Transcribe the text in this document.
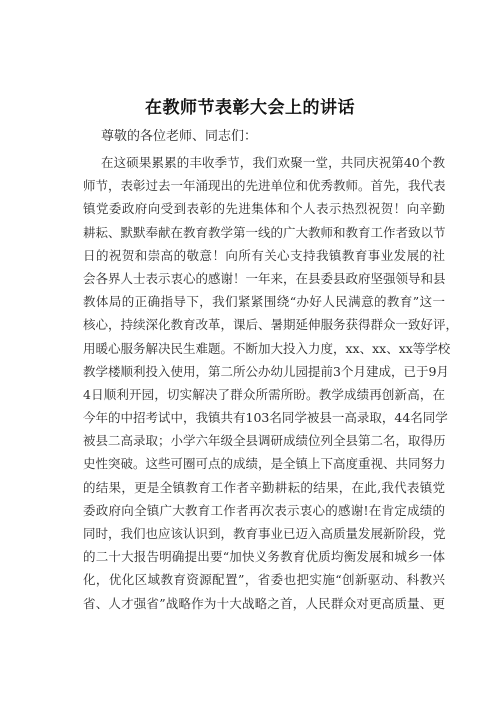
在教师节表彰大会上的讲话

尊敬的各位老师、同志们：

在这硕果累累的丰收季节，我们欢聚一堂，共同庆祝第40个教
师节，表彰过去一年涌现出的先进单位和优秀教师。首先，我代表
镇党委政府向受到表彰的先进集体和个人表示热烈祝贺！向辛勤
耕耘、默默奉献在教育教学第一线的广大教师和教育工作者致以节
日的祝贺和崇高的敬意！向所有关心支持我镇教育事业发展的社
会各界人士表示衷心的感谢！一年来，在县委县政府坚强领导和县
教体局的正确指导下，我们紧紧围绕“办好人民满意的教育”这一
核心，持续深化教育改革，课后、暑期延伸服务获得群众一致好评，
用暖心服务解决民生难题。不断加大投入力度，xx、xx、xx等学校
教学楼顺利投入使用，第二所公办幼儿园提前3个月建成，已于9月
4日顺利开园，切实解决了群众所需所盼。教学成绩再创新高，在
今年的中招考试中，我镇共有103名同学被县一高录取，44名同学
被县二高录取；小学六年级全县调研成绩位列全县第二名，取得历
史性突破。这些可圈可点的成绩，是全镇上下高度重视、共同努力
的结果，更是全镇教育工作者辛勤耕耘的结果，在此,我代表镇党
委政府向全镇广大教育工作者再次表示衷心的感谢!在肯定成绩的
同时，我们也应该认识到，教育事业已迈入高质量发展新阶段，党
的二十大报告明确提出要“加快义务教育优质均衡发展和城乡一体
化，优化区域教育资源配置”，省委也把实施“创新驱动、科教兴
省、人才强省”战略作为十大战略之首，人民群众对更高质量、更
